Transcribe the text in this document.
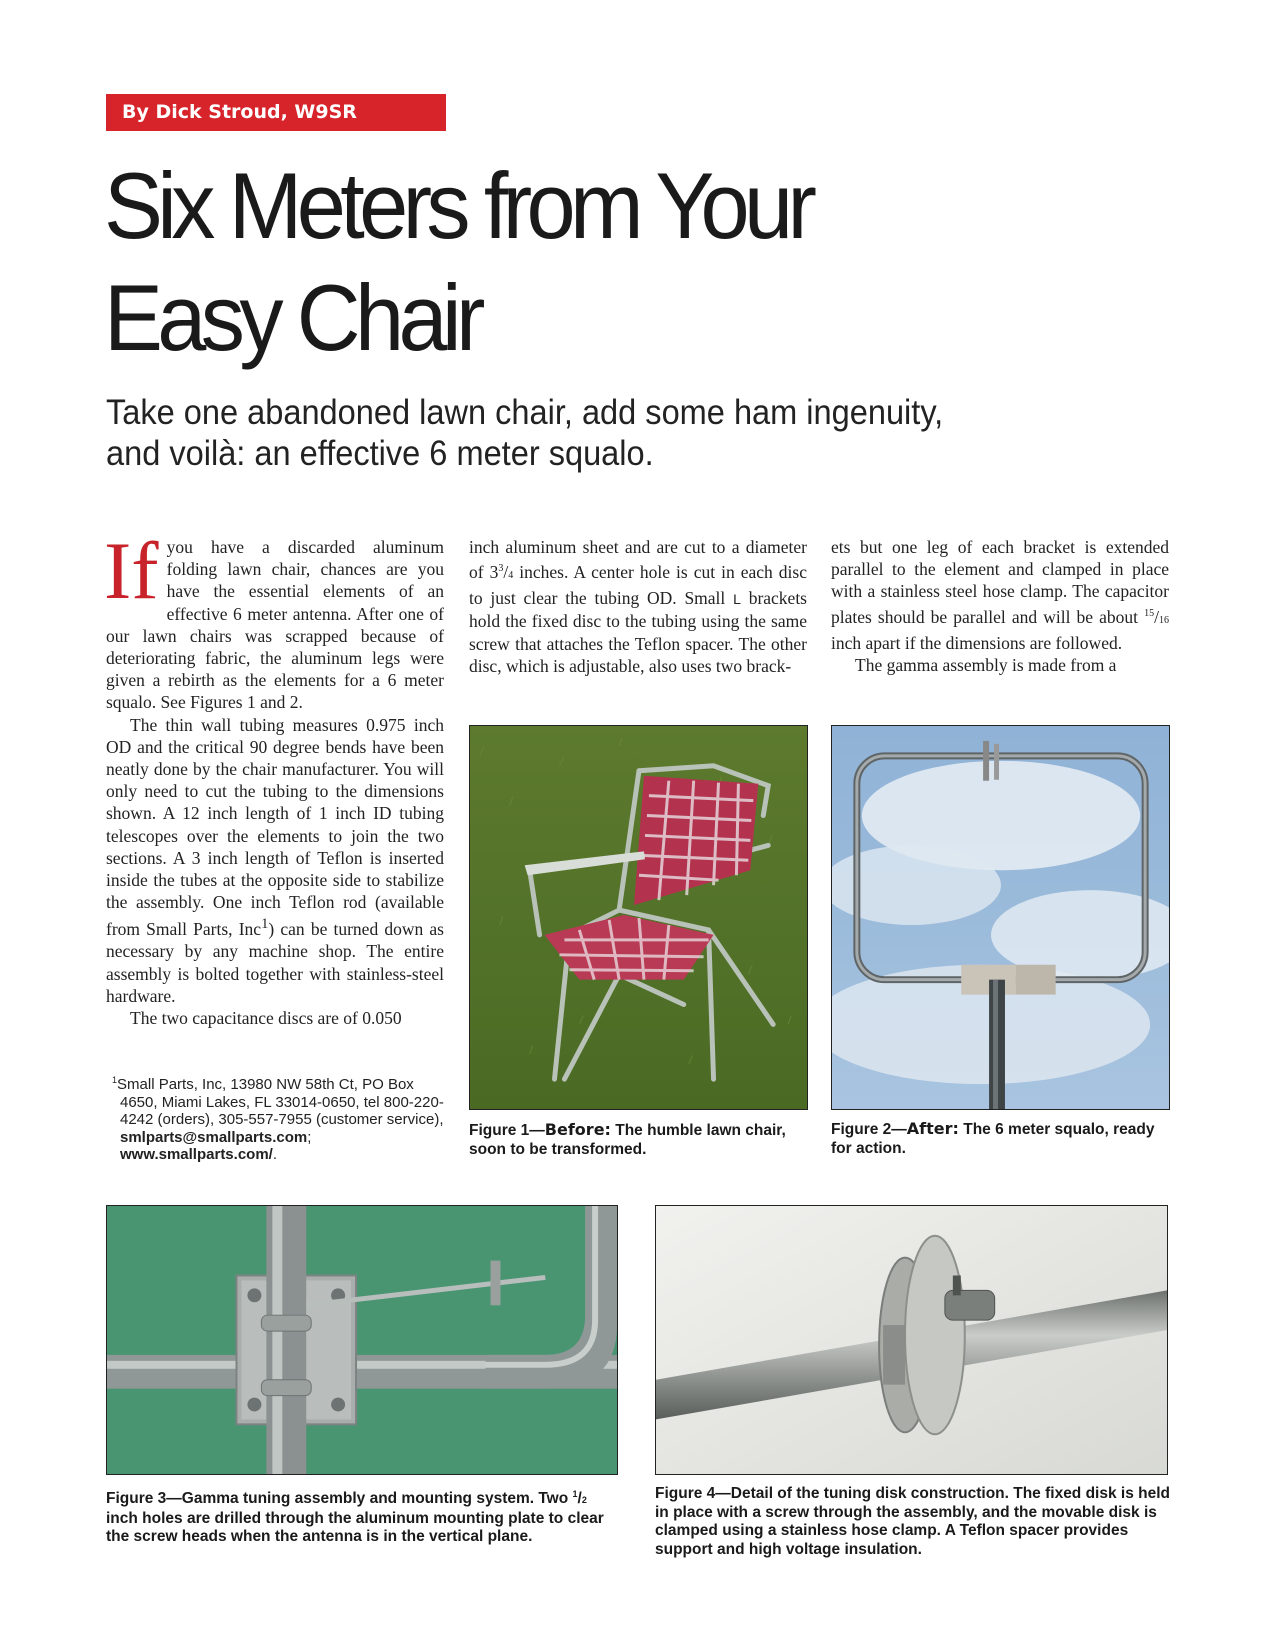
By Dick Stroud, W9SR
Six Meters from Your
Easy Chair

Take one abandoned lawn chair, add some ham ingenuity,
and voilà: an effective 6 meter squalo.

If you have a discarded aluminum folding lawn chair, chances are you have the essential elements of an effective 6 meter antenna. After one of our lawn chairs was scrapped because of deteriorating fabric, the aluminum legs were given a rebirth as the elements for a 6 meter squalo. See Figures 1 and 2.

The thin wall tubing measures 0.975 inch OD and the critical 90 degree bends have been neatly done by the chair manufacturer. You will only need to cut the tubing to the dimensions shown. A 12 inch length of 1 inch ID tubing telescopes over the elements to join the two sections. A 3 inch length of Teflon is inserted inside the tubes at the opposite side to stabilize the assembly. One inch Teflon rod (available from Small Parts, Inc$^1$) can be turned down as necessary by any machine shop. The entire assembly is bolted together with stainless-steel hardware.

The two capacitance discs are of 0.050

inch aluminum sheet and are cut to a diameter of $3^3/4$ inches. A center hole is cut in each disc to just clear the tubing OD. Small L brackets hold the fixed disc to the tubing using the same screw that attaches the Teflon spacer. The other disc, which is adjustable, also uses two brack-

ets but one leg of each bracket is extended parallel to the element and clamped in place with a stainless steel hose clamp. The capacitor plates should be parallel and will be about $^{15}$/16 inch apart if the dimensions are followed.

The gamma assembly is made from a

$^1$Small Parts, Inc, 13980 NW 58th Ct, PO Box 4650, Miami Lakes, FL 33014-0650, tel 800-220-4242 (orders), 305-557-7955 (customer service), smlparts@smallparts.com; www.smallparts.com/.

Figure 1—Before: The humble lawn chair, soon to be transformed.

Figure 2—After: The 6 meter squalo, ready for action.

Figure 3—Gamma tuning assembly and mounting system. Two $^1$/2 inch holes are drilled through the aluminum mounting plate to clear the screw heads when the antenna is in the vertical plane.

Figure 4—Detail of the tuning disk construction. The fixed disk is held in place with a screw through the assembly, and the movable disk is clamped using a stainless hose clamp. A Teflon spacer provides support and high voltage insulation.
